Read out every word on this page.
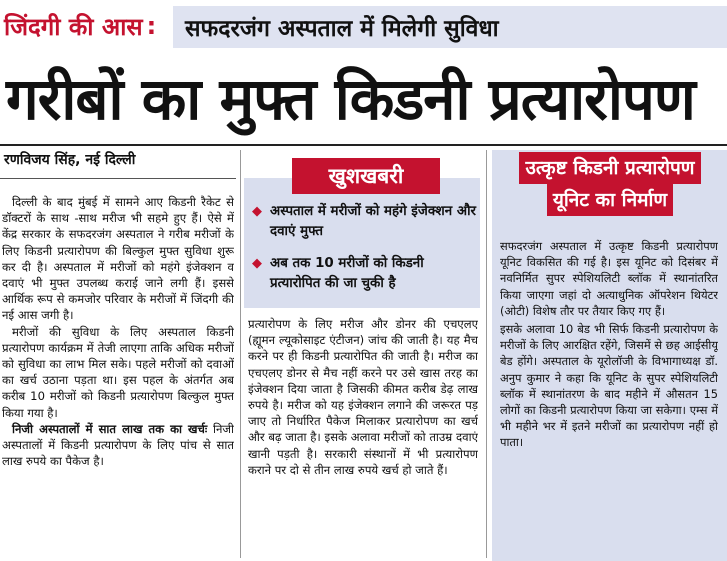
जिंदगी की आस :	सफदरजंग अस्पताल में मिलेगी सुविधा
गरीबों का मुफ्त किडनी प्रत्यारोपण
रणविजय सिंह, नई दिल्ली

दिल्ली के बाद मुंबई में सामने आए किडनी रैकेट से डॉक्टरों के साथ -साथ मरीज भी सहमे हुए हैं। ऐसे में केंद्र सरकार के सफदरजंग अस्पताल ने गरीब मरीजों के लिए किडनी प्रत्यारोपण की बिल्कुल मुफ्त सुविधा शुरू कर दी है। अस्पताल में मरीजों को महंगे इंजेक्शन व दवाएं भी मुफ्त उपलब्ध कराई जाने लगी हैं। इससे आर्थिक रूप से कमजोर परिवार के मरीजों में जिंदगी की नई आस जगी है।

मरीजों की सुविधा के लिए अस्पताल किडनी प्रत्यारोपण कार्यक्रम में तेजी लाएगा ताकि अधिक मरीजों को सुविधा का लाभ मिल सके। पहले मरीजों को दवाओं का खर्च उठाना पड़ता था। इस पहल के अंतर्गत अब करीब 10 मरीजों को किडनी प्रत्यारोपण बिल्कुल मुफ्त किया गया है।

निजी अस्पतालों में सात लाख तक का खर्चः निजी अस्पतालों में किडनी प्रत्यारोपण के लिए पांच से सात लाख रुपये का पैकेज है।

खुशखबरी
◆ अस्पताल में मरीजों को महंगे इंजेक्शन और दवाएं मुफ्त
◆ अब तक 10 मरीजों को किडनी प्रत्यारोपित की जा चुकी है

प्रत्यारोपण के लिए मरीज और डोनर की एचएलए (ह्यूमन ल्यूकोसाइट एंटीजन) जांच की जाती है। यह मैच करने पर ही किडनी प्रत्यारोपित की जाती है। मरीज का एचएलए डोनर से मैच नहीं करने पर उसे खास तरह का इंजेक्शन दिया जाता है जिसकी कीमत करीब डेढ़ लाख रुपये है। मरीज को यह इंजेक्शन लगाने की जरूरत पड़ जाए तो निर्धारित पैकेज मिलाकर प्रत्यारोपण का खर्च और बढ़ जाता है। इसके अलावा मरीजों को ताउम्र दवाएं खानी पड़ती है। सरकारी संस्थानों में भी प्रत्यारोपण कराने पर दो से तीन लाख रुपये खर्च हो जाते हैं।

उत्कृष्ट किडनी प्रत्यारोपण
यूनिट का निर्माण

सफदरजंग अस्पताल में उत्कृष्ट किडनी प्रत्यारोपण यूनिट विकसित की गई है। इस यूनिट को दिसंबर में नवनिर्मित सुपर स्पेशियलिटी ब्लॉक में स्थानांतरित किया जाएगा जहां दो अत्याधुनिक ऑपरेशन थियेटर (ओटी) विशेष तौर पर तैयार किए गए हैं।

इसके अलावा 10 बेड भी सिर्फ किडनी प्रत्यारोपण के मरीजों के लिए आरक्षित रहेंगे, जिसमें से छह आईसीयू बेड होंगे। अस्पताल के यूरोलॉजी के विभागाध्यक्ष डॉ. अनुप कुमार ने कहा कि यूनिट के सुपर स्पेशियलिटी ब्लॉक में स्थानांतरण के बाद महीने में औसतन 15 लोगों का किडनी प्रत्यारोपण किया जा सकेगा। एम्स में भी महीने भर में इतने मरीजों का प्रत्यारोपण नहीं हो पाता।
